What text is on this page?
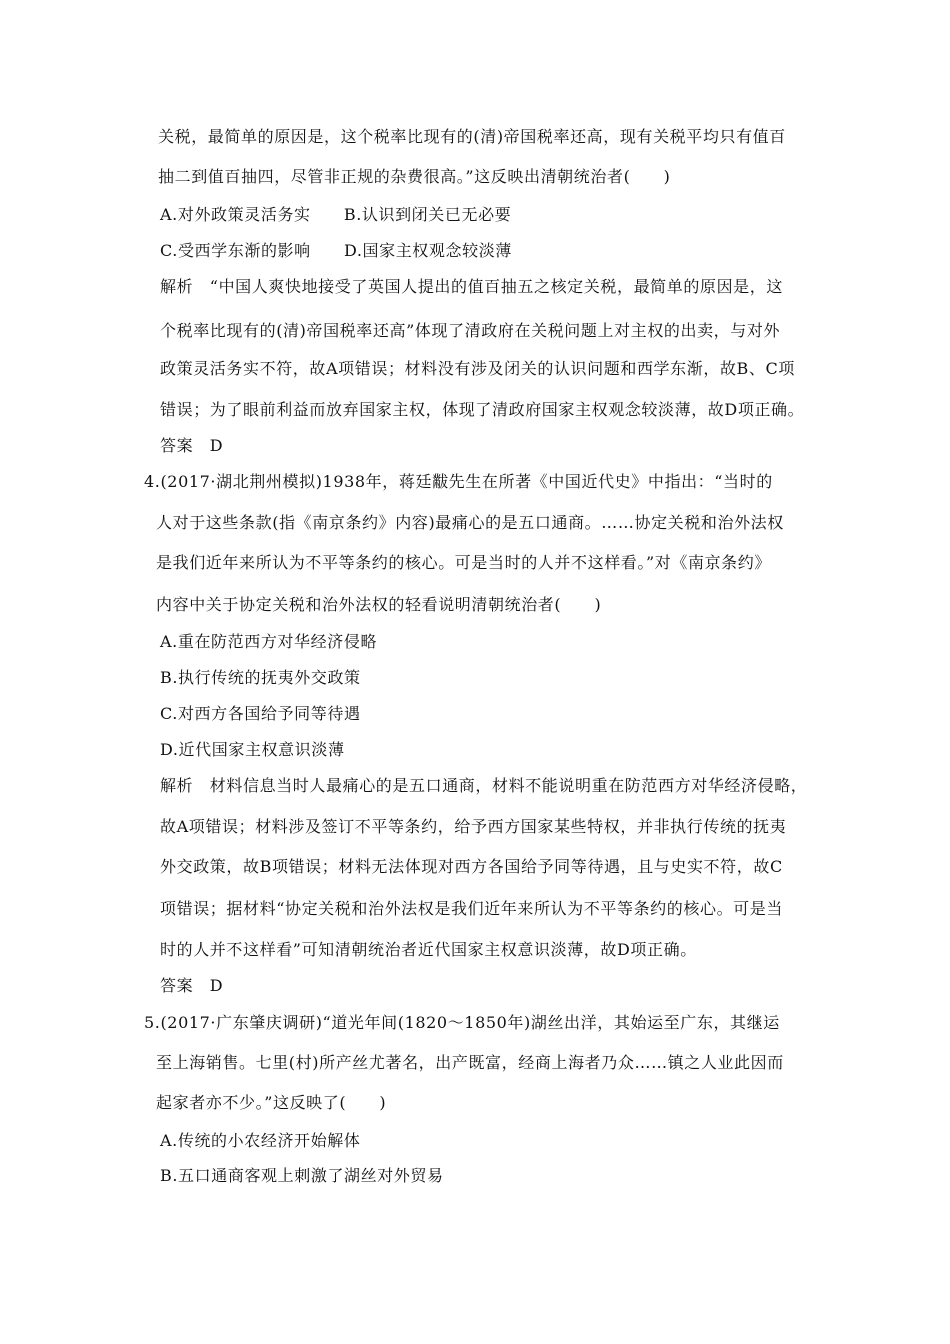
关税，最简单的原因是，这个税率比现有的(清)帝国税率还高，现有关税平均只有值百
抽二到值百抽四，尽管非正规的杂费很高。”这反映出清朝统治者(　　)
A.对外政策灵活务实　　B.认识到闭关已无必要
C.受西学东渐的影响　　D.国家主权观念较淡薄
解析　“中国人爽快地接受了英国人提出的值百抽五之核定关税，最简单的原因是，这
个税率比现有的(清)帝国税率还高”体现了清政府在关税问题上对主权的出卖，与对外
政策灵活务实不符，故A项错误；材料没有涉及闭关的认识问题和西学东渐，故B、C项
错误；为了眼前利益而放弃国家主权，体现了清政府国家主权观念较淡薄，故D项正确。
答案　D
4.(2017·湖北荆州模拟)1938年，蒋廷黻先生在所著《中国近代史》中指出：“当时的
人对于这些条款(指《南京条约》内容)最痛心的是五口通商。……协定关税和治外法权
是我们近年来所认为不平等条约的核心。可是当时的人并不这样看。”对《南京条约》
内容中关于协定关税和治外法权的轻看说明清朝统治者(　　)
A.重在防范西方对华经济侵略
B.执行传统的抚夷外交政策
C.对西方各国给予同等待遇
D.近代国家主权意识淡薄
解析　材料信息当时人最痛心的是五口通商，材料不能说明重在防范西方对华经济侵略，
故A项错误；材料涉及签订不平等条约，给予西方国家某些特权，并非执行传统的抚夷
外交政策，故B项错误；材料无法体现对西方各国给予同等待遇，且与史实不符，故C
项错误；据材料“协定关税和治外法权是我们近年来所认为不平等条约的核心。可是当
时的人并不这样看”可知清朝统治者近代国家主权意识淡薄，故D项正确。
答案　D
5.(2017·广东肇庆调研)“道光年间(1820～1850年)湖丝出洋，其始运至广东，其继运
至上海销售。七里(村)所产丝尤著名，出产既富，经商上海者乃众……镇之人业此因而
起家者亦不少。”这反映了(　　)
A.传统的小农经济开始解体
B.五口通商客观上刺激了湖丝对外贸易
